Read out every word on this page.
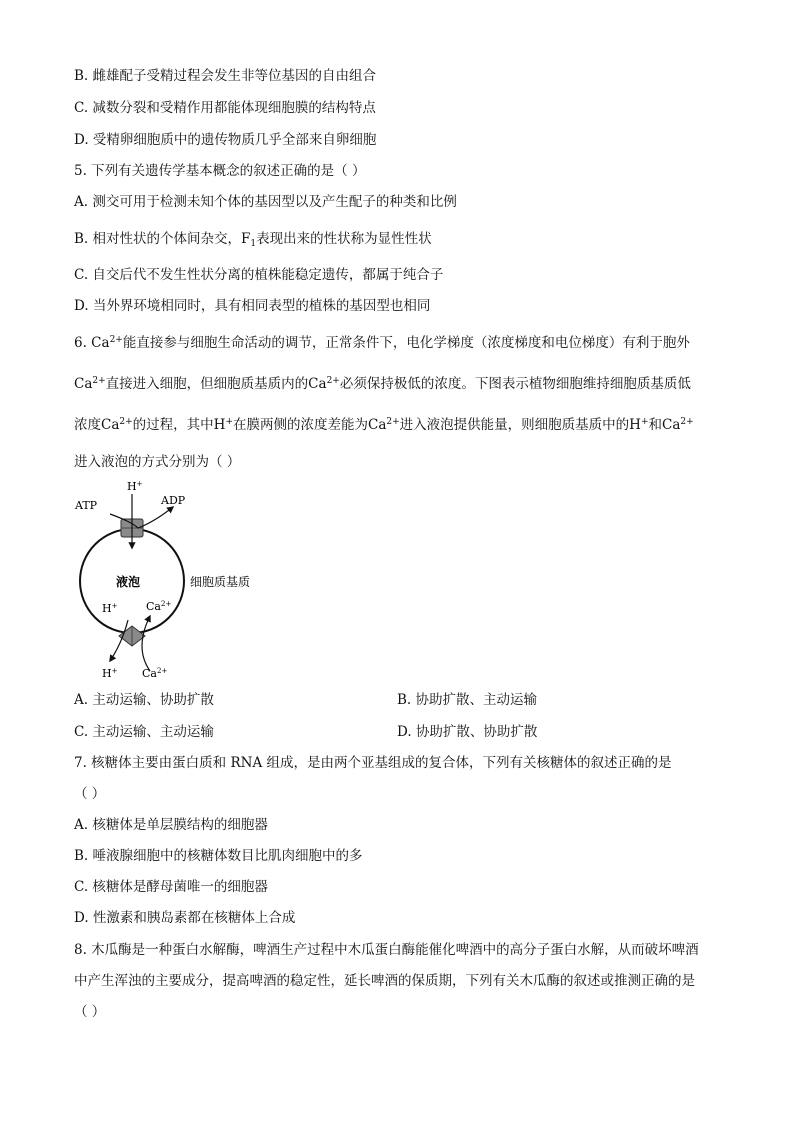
B. 雌雄配子受精过程会发生非等位基因的自由组合
C. 减数分裂和受精作用都能体现细胞膜的结构特点
D. 受精卵细胞质中的遗传物质几乎全部来自卵细胞
5. 下列有关遗传学基本概念的叙述正确的是（ ）
A. 测交可用于检测未知个体的基因型以及产生配子的种类和比例
B. 相对性状的个体间杂交，$F_1$表现出来的性状称为显性性状
C. 自交后代不发生性状分离的植株能稳定遗传，都属于纯合子
D. 当外界环境相同时，具有相同表型的植株的基因型也相同
6. $Ca^{2+}$能直接参与细胞生命活动的调节，正常条件下，电化学梯度（浓度梯度和电位梯度）有利于胞外
$Ca^{2+}$直接进入细胞，但细胞质基质内的$Ca^{2+}$必须保持极低的浓度。下图表示植物细胞维持细胞质基质低
浓度$Ca^{2+}$的过程，其中H+在膜两侧的浓度差能为$Ca^{2+}$进入液泡提供能量，则细胞质基质中的H+和$Ca^{2+}$
进入液泡的方式分别为（ ）
H+
ATP	ADP
液泡	细胞质基质
H+	$Ca^{2+}$
H+ $Ca^{2+}$
A. 主动运输、协助扩散	B. 协助扩散、主动运输
C. 主动运输、主动运输	D. 协助扩散、协助扩散
7. 核糖体主要由蛋白质和 RNA 组成，是由两个亚基组成的复合体，下列有关核糖体的叙述正确的是
（ ）
A. 核糖体是单层膜结构的细胞器
B. 唾液腺细胞中的核糖体数目比肌肉细胞中的多
C. 核糖体是酵母菌唯一的细胞器
D. 性激素和胰岛素都在核糖体上合成
8. 木瓜酶是一种蛋白水解酶，啤酒生产过程中木瓜蛋白酶能催化啤酒中的高分子蛋白水解，从而破坏啤酒
中产生浑浊的主要成分，提高啤酒的稳定性，延长啤酒的保质期，下列有关木瓜酶的叙述或推测正确的是
（ ）
